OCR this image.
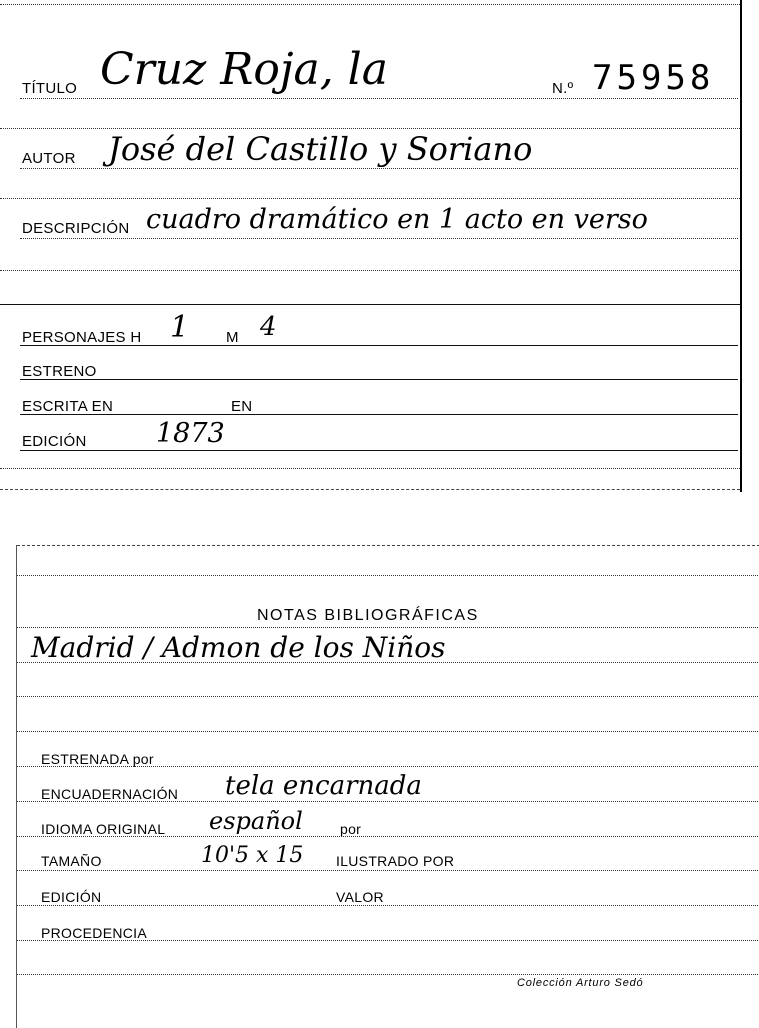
TÍTULO Cruz Roja, la	N.º 75958
AUTOR José del Castillo y Soriano
DESCRIPCIÓN cuadro dramático en 1 acto en verso
PERSONAJES H 1 M 4
ESTRENO
ESCRITA EN	EN
EDICIÓN	1873
NOTAS BIBLIOGRÁFICAS
Madrid / Admon de los Niños
ESTRENADA por
ENCUADERNACIÓN tela encarnada
IDIOMA ORIGINAL español	por
TAMAÑO	10'5 x 15 ILUSTRADO POR
EDICIÓN	VALOR
PROCEDENCIA
Colección Arturo Sedó
